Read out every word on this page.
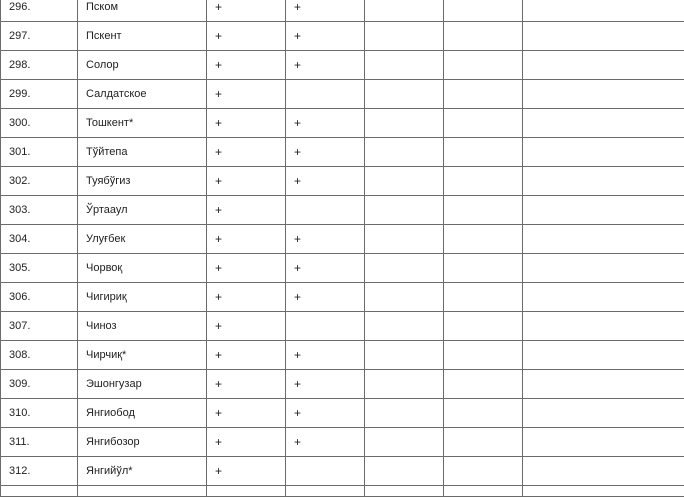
296.	Пском	+	+			
297.	Пскент	+	+			
298.	Солор	+	+			
299.	Салдатское	+				
300.	Тошкент*	+	+			
301.	Тўйтепа	+	+			
302.	Туябўгиз	+	+			
303.	Ўртааул	+				
304.	Улуғбек	+	+			
305.	Чорвоқ	+	+			
306.	Чигириқ	+	+			
307.	Чиноз	+				
308.	Чирчиқ*	+	+			
309.	Эшонгузар	+	+			
310.	Янгиобод	+	+			
311.	Янгибозор	+	+			
312.	Янгийўл*	+				
